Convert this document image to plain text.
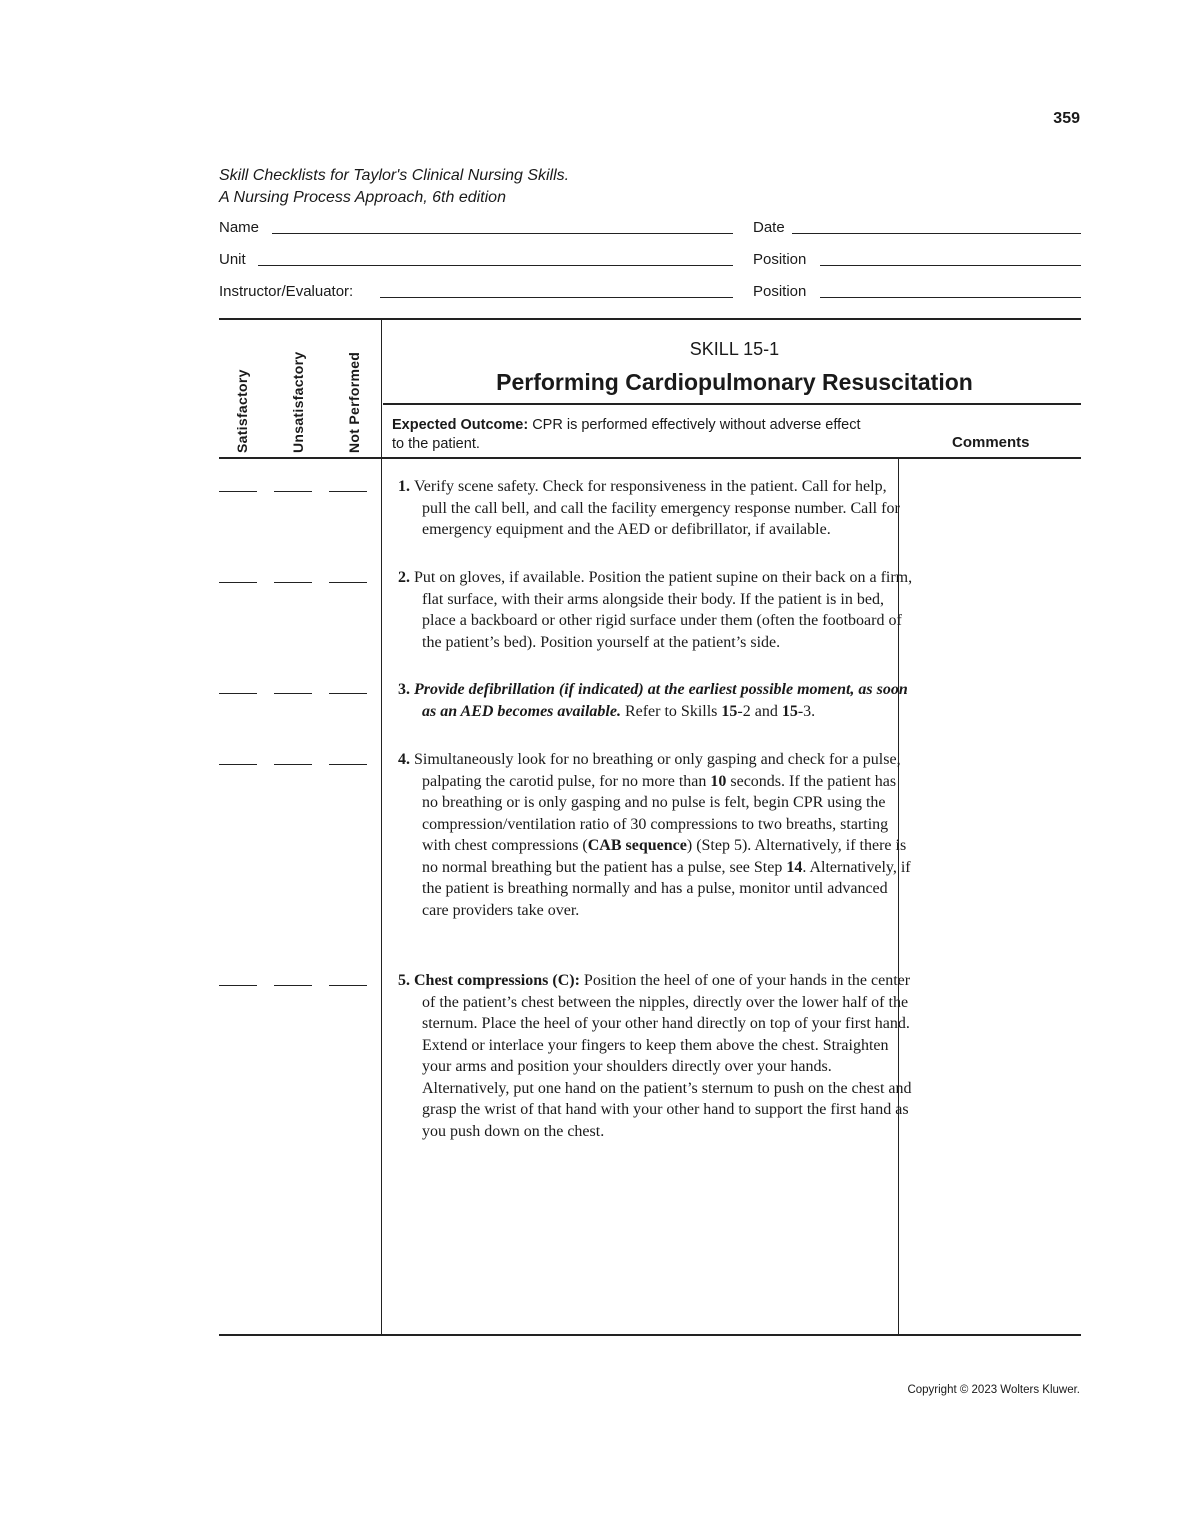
359
Skill Checklists for Taylor's Clinical Nursing Skills.
A Nursing Process Approach, 6th edition
Name	Date
Unit	Position
Instructor/Evaluator:	Position
Satisfactory	Unsatisfactory	Not Performed
SKILL 15-1
Performing Cardiopulmonary Resuscitation
Expected Outcome: CPR is performed effectively without adverse effect to the patient.	Comments
1. Verify scene safety. Check for responsiveness in the patient. Call for help, pull the call bell, and call the facility emergency response number. Call for emergency equipment and the AED or defibrillator, if available.
2. Put on gloves, if available. Position the patient supine on their back on a firm, flat surface, with their arms alongside their body. If the patient is in bed, place a backboard or other rigid surface under them (often the footboard of the patient’s bed). Position yourself at the patient’s side.
3. Provide defibrillation (if indicated) at the earliest possible moment, as soon as an AED becomes available. Refer to Skills 15-2 and 15-3.
4. Simultaneously look for no breathing or only gasping and check for a pulse, palpating the carotid pulse, for no more than 10 seconds. If the patient has no breathing or is only gasping and no pulse is felt, begin CPR using the compression/ventilation ratio of 30 compressions to two breaths, starting with chest compressions (CAB sequence) (Step 5). Alternatively, if there is no normal breathing but the patient has a pulse, see Step 14. Alternatively, if the patient is breathing normally and has a pulse, monitor until advanced care providers take over.
5. Chest compressions (C): Position the heel of one of your hands in the center of the patient’s chest between the nipples, directly over the lower half of the sternum. Place the heel of your other hand directly on top of your first hand. Extend or interlace your fingers to keep them above the chest. Straighten your arms and position your shoulders directly over your hands. Alternatively, put one hand on the patient’s sternum to push on the chest and grasp the wrist of that hand with your other hand to support the first hand as you push down on the chest.
Copyright © 2023 Wolters Kluwer.
